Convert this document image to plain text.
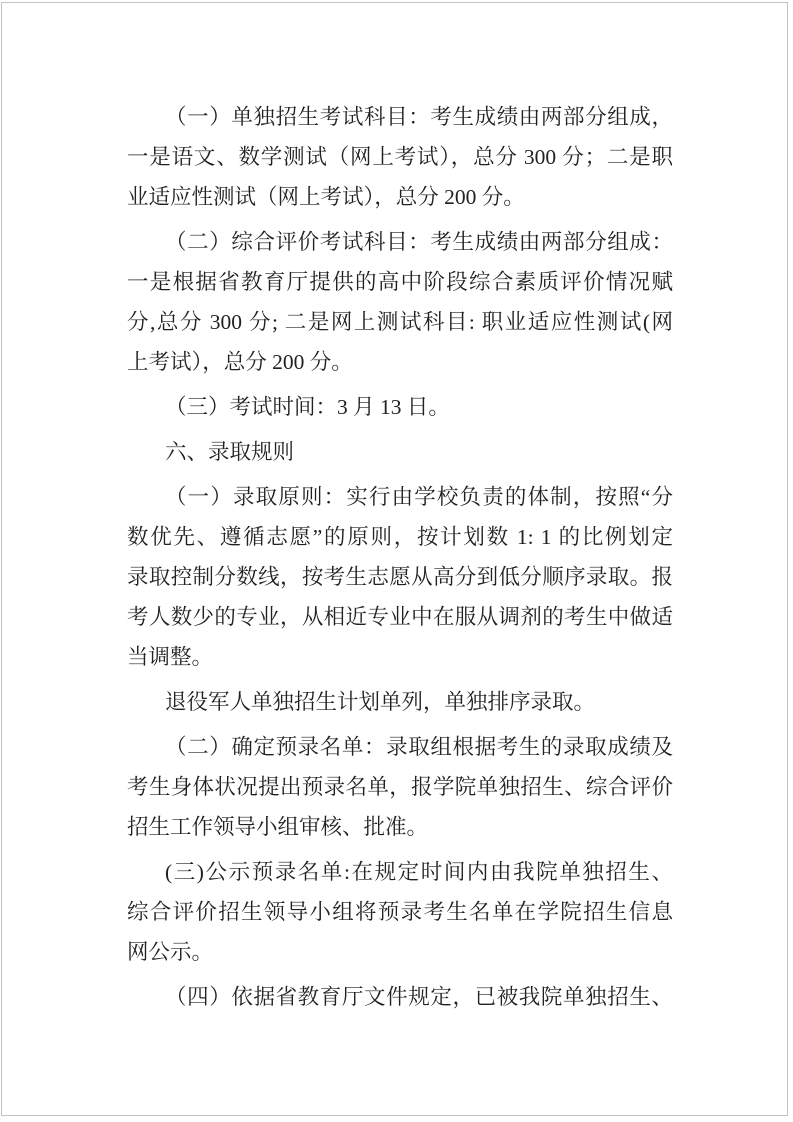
（一）单独招生考试科目：考生成绩由两部分组成，
一是语文、数学测试（网上考试），总分 300 分；二是职
业适应性测试（网上考试），总分 200 分。
（二）综合评价考试科目：考生成绩由两部分组成：
一是根据省教育厅提供的高中阶段综合素质评价情况赋
分,总分 300 分; 二是网上测试科目: 职业适应性测试(网
上考试），总分 200 分。
（三）考试时间：3 月 13 日。
六、录取规则
（一）录取原则：实行由学校负责的体制，按照“分
数优先、遵循志愿”的原则，按计划数 1: 1 的比例划定
录取控制分数线，按考生志愿从高分到低分顺序录取。报
考人数少的专业，从相近专业中在服从调剂的考生中做适
当调整。
退役军人单独招生计划单列，单独排序录取。
（二）确定预录名单：录取组根据考生的录取成绩及
考生身体状况提出预录名单，报学院单独招生、综合评价
招生工作领导小组审核、批准。
(三)公示预录名单:在规定时间内由我院单独招生、
综合评价招生领导小组将预录考生名单在学院招生信息
网公示。
（四）依据省教育厅文件规定，已被我院单独招生、
